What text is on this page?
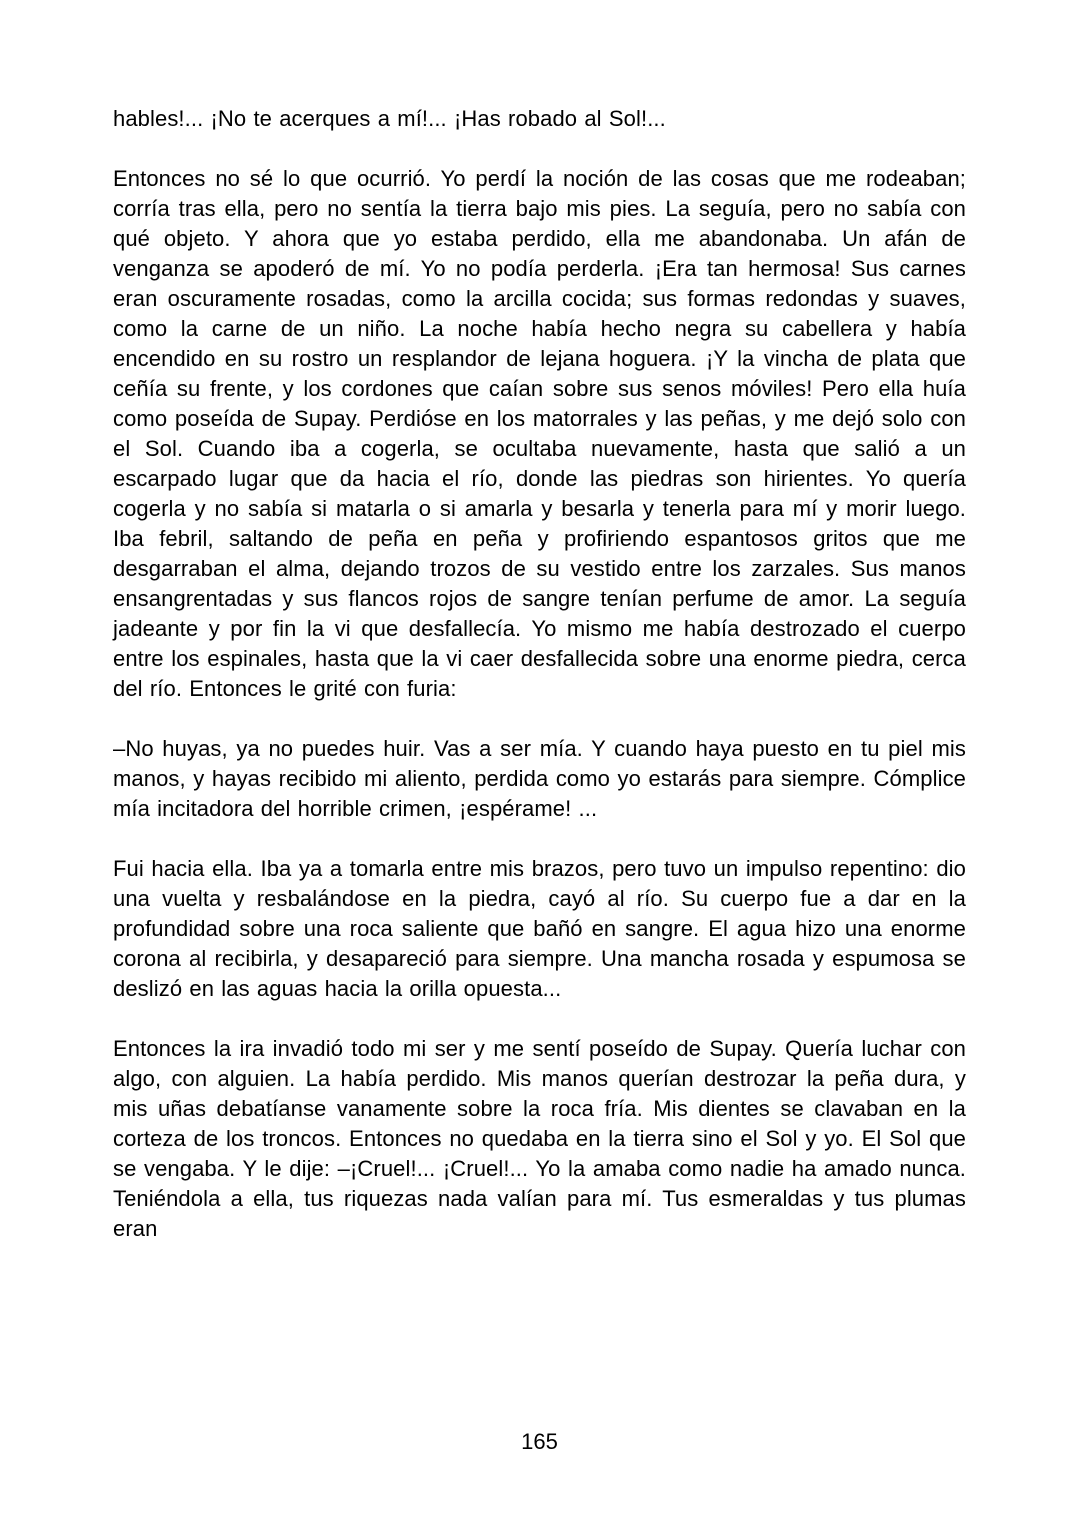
hables!... ¡No te acerques a mí!... ¡Has robado al Sol!...

Entonces no sé lo que ocurrió. Yo perdí la noción de las cosas que me rodeaban; corría tras ella, pero no sentía la tierra bajo mis pies. La seguía, pero no sabía con qué objeto. Y ahora que yo estaba perdido, ella me abandonaba. Un afán de venganza se apoderó de mí. Yo no podía perderla. ¡Era tan hermosa! Sus carnes eran oscuramente rosadas, como la arcilla cocida; sus formas redondas y suaves, como la carne de un niño. La noche había hecho negra su cabellera y había encendido en su rostro un resplandor de lejana hoguera. ¡Y la vincha de plata que ceñía su frente, y los cordones que caían sobre sus senos móviles! Pero ella huía como poseída de Supay. Perdióse en los matorrales y las peñas, y me dejó solo con el Sol. Cuando iba a cogerla, se ocultaba nuevamente, hasta que salió a un escarpado lugar que da hacia el río, donde las piedras son hirientes. Yo quería cogerla y no sabía si matarla o si amarla y besarla y tenerla para mí y morir luego. Iba febril, saltando de peña en peña y profiriendo espantosos gritos que me desgarraban el alma, dejando trozos de su vestido entre los zarzales. Sus manos ensangrentadas y sus flancos rojos de sangre tenían perfume de amor. La seguía jadeante y por fin la vi que desfallecía. Yo mismo me había destrozado el cuerpo entre los espinales, hasta que la vi caer desfallecida sobre una enorme piedra, cerca del río. Entonces le grité con furia:

–No huyas, ya no puedes huir. Vas a ser mía. Y cuando haya puesto en tu piel mis manos, y hayas recibido mi aliento, perdida como yo estarás para siempre. Cómplice mía incitadora del horrible crimen, ¡espérame! ...

Fui hacia ella. Iba ya a tomarla entre mis brazos, pero tuvo un impulso repentino: dio una vuelta y resbalándose en la piedra, cayó al río. Su cuerpo fue a dar en la profundidad sobre una roca saliente que bañó en sangre. El agua hizo una enorme corona al recibirla, y desapareció para siempre. Una mancha rosada y espumosa se deslizó en las aguas hacia la orilla opuesta...

Entonces la ira invadió todo mi ser y me sentí poseído de Supay. Quería luchar con algo, con alguien. La había perdido. Mis manos querían destrozar la peña dura, y mis uñas debatíanse vanamente sobre la roca fría. Mis dientes se clavaban en la corteza de los troncos. Entonces no quedaba en la tierra sino el Sol y yo. El Sol que se vengaba. Y le dije: –¡Cruel!... ¡Cruel!... Yo la amaba como nadie ha amado nunca. Teniéndola a ella, tus riquezas nada valían para mí. Tus esmeraldas y tus plumas eran

165
